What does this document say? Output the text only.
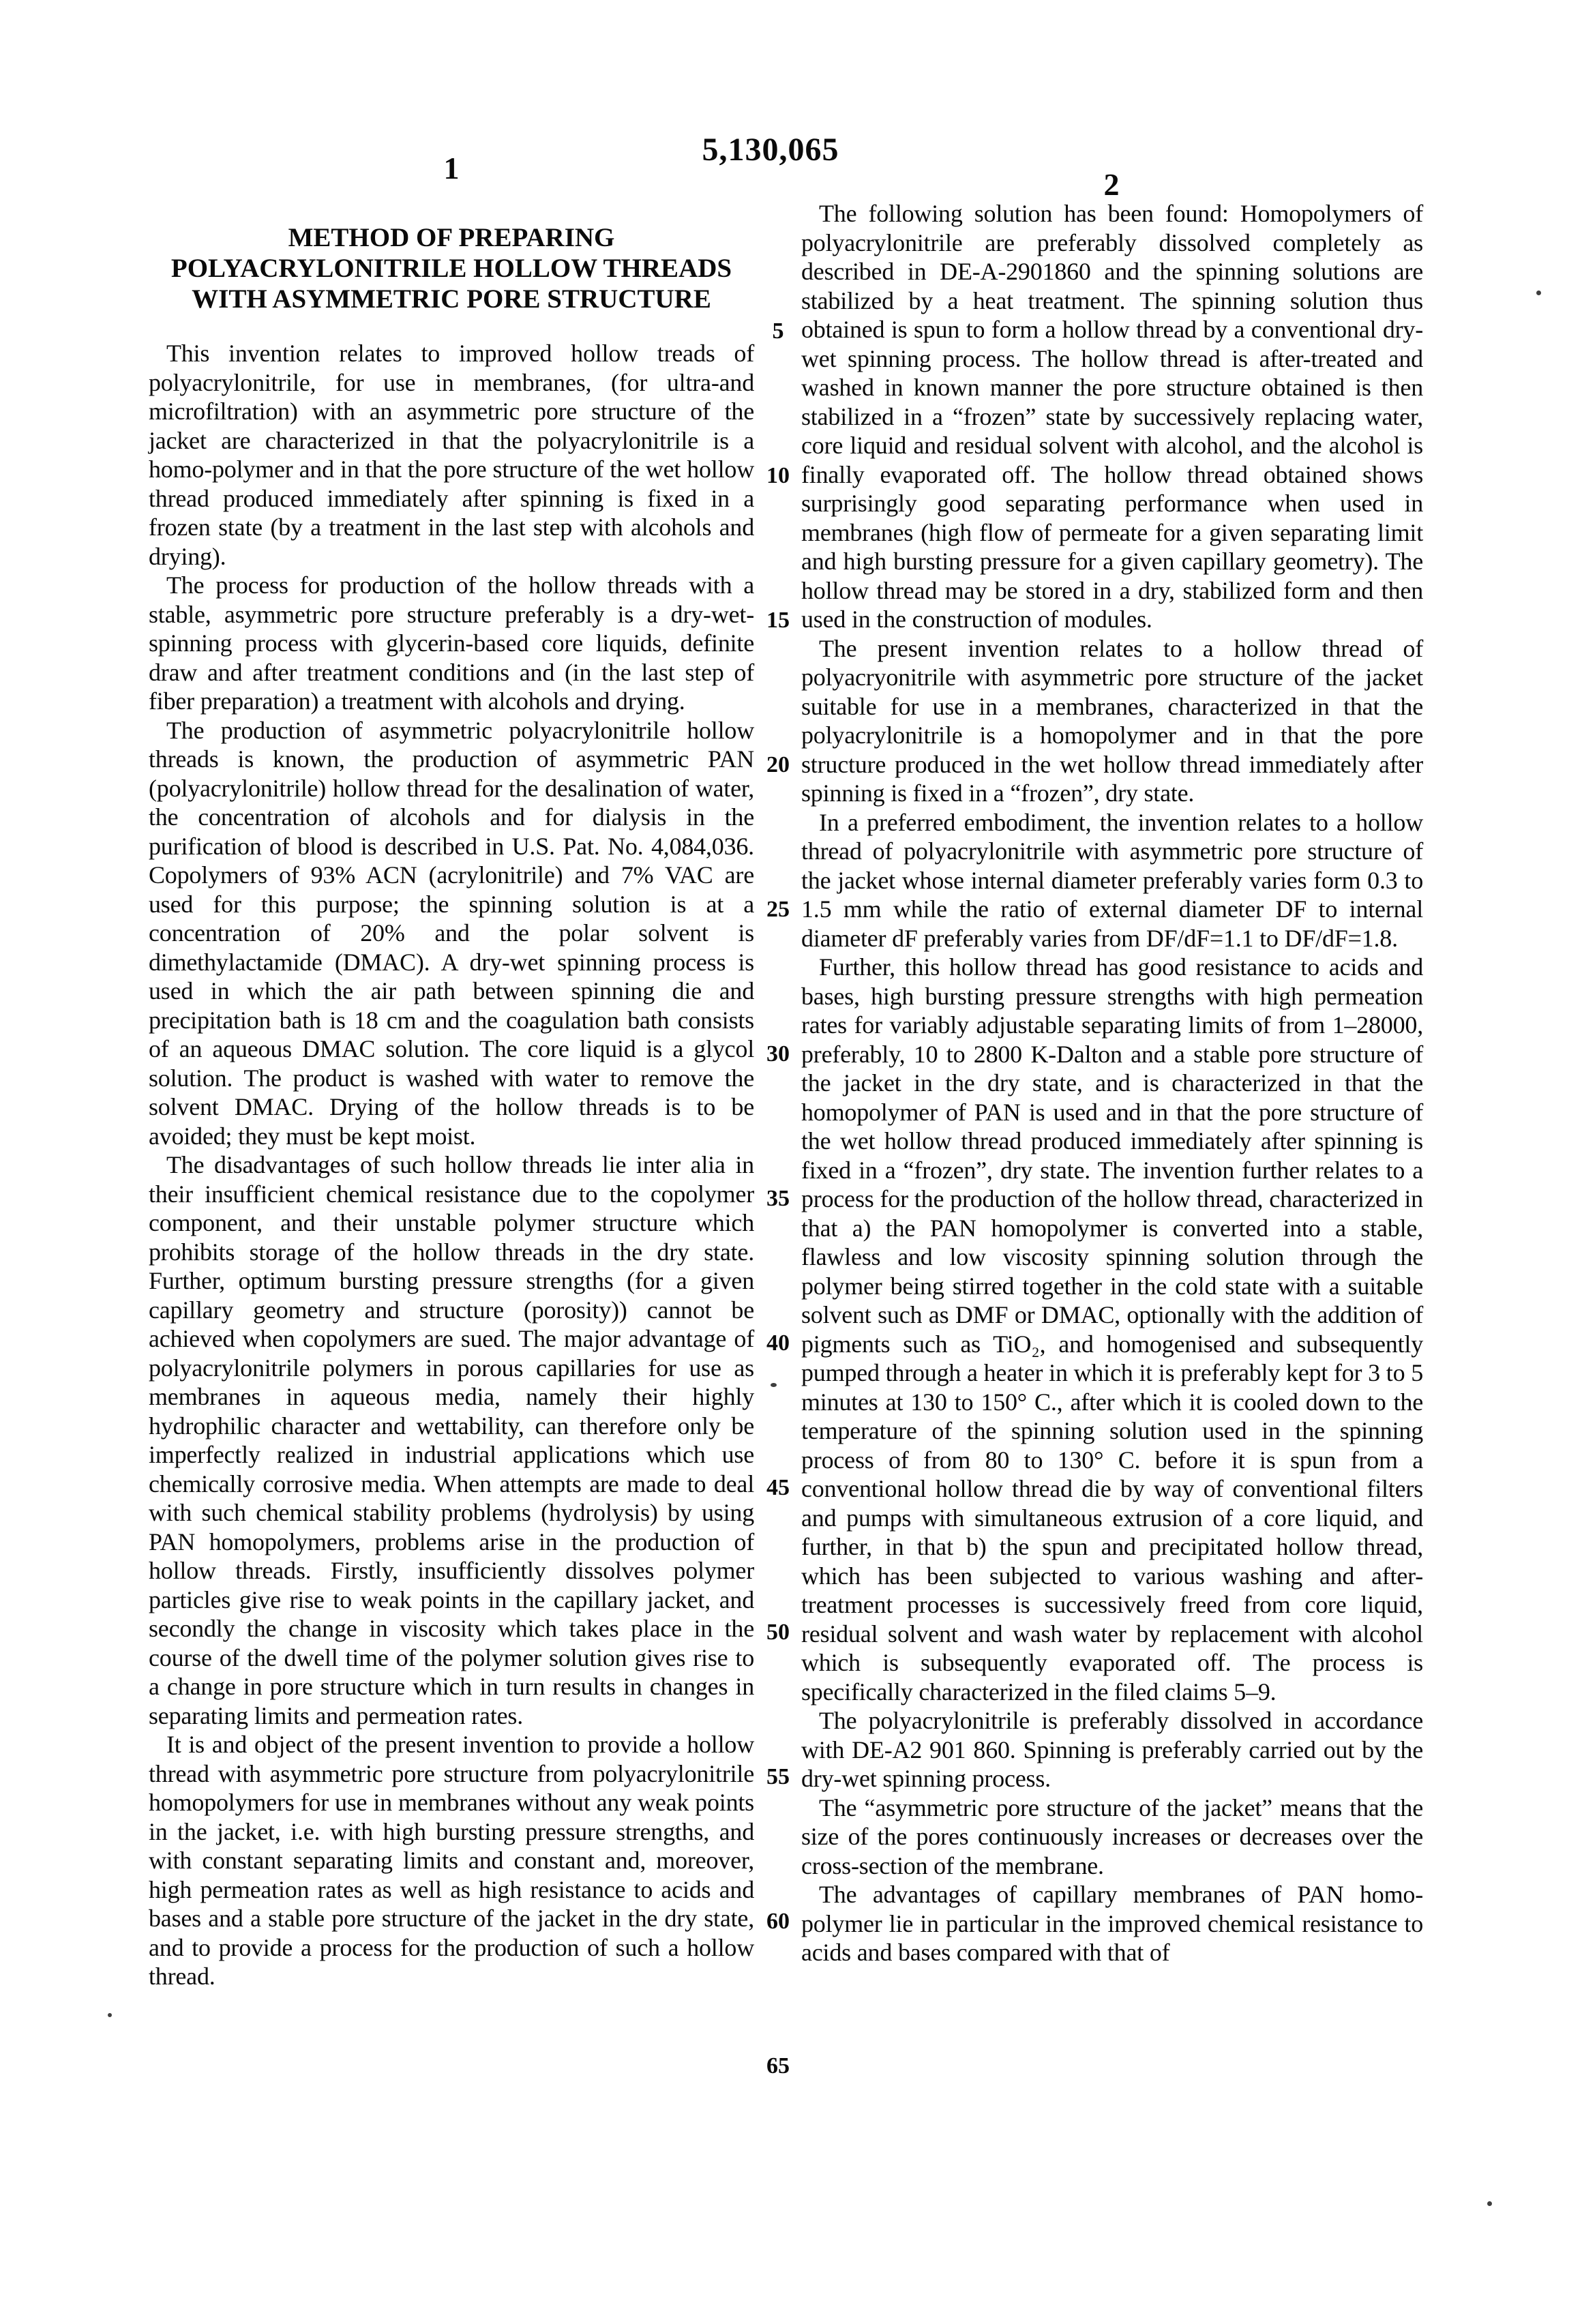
5,130,065
1	2
METHOD OF PREPARING
POLYACRYLONITRILE HOLLOW THREADS
WITH ASYMMETRIC PORE STRUCTURE

This invention relates to improved hollow treads of polyacrylonitrile, for use in membranes, (for ultra-and microfiltration) with an asymmetric pore structure of the jacket are characterized in that the polyacrylonitrile is a homo-polymer and in that the pore structure of the wet hollow thread produced immediately after spinning is fixed in a frozen state (by a treatment in the last step with alcohols and drying).

The process for production of the hollow threads with a stable, asymmetric pore structure preferably is a dry-wet-spinning process with glycerin-based core liquids, definite draw and after treatment conditions and (in the last step of fiber preparation) a treatment with alcohols and drying.

The production of asymmetric polyacrylonitrile hollow threads is known, the production of asymmetric PAN (polyacrylonitrile) hollow thread for the desalination of water, the concentration of alcohols and for dialysis in the purification of blood is described in U.S. Pat. No. 4,084,036. Copolymers of 93% ACN (acrylonitrile) and 7% VAC are used for this purpose; the spinning solution is at a concentration of 20% and the polar solvent is dimethylactamide (DMAC). A dry-wet spinning process is used in which the air path between spinning die and precipitation bath is 18 cm and the coagulation bath consists of an aqueous DMAC solution. The core liquid is a glycol solution. The product is washed with water to remove the solvent DMAC. Drying of the hollow threads is to be avoided; they must be kept moist.

The disadvantages of such hollow threads lie inter alia in their insufficient chemical resistance due to the copolymer component, and their unstable polymer structure which prohibits storage of the hollow threads in the dry state. Further, optimum bursting pressure strengths (for a given capillary geometry and structure (porosity)) cannot be achieved when copolymers are sued. The major advantage of polyacrylonitrile polymers in porous capillaries for use as membranes in aqueous media, namely their highly hydrophilic character and wettability, can therefore only be imperfectly realized in industrial applications which use chemically corrosive media. When attempts are made to deal with such chemical stability problems (hydrolysis) by using PAN homopolymers, problems arise in the production of hollow threads. Firstly, insufficiently dissolves polymer particles give rise to weak points in the capillary jacket, and secondly the change in viscosity which takes place in the course of the dwell time of the polymer solution gives rise to a change in pore structure which in turn results in changes in separating limits and permeation rates.

It is and object of the present invention to provide a hollow thread with asymmetric pore structure from polyacrylonitrile homopolymers for use in membranes without any weak points in the jacket, i.e. with high bursting pressure strengths, and with constant separating limits and constant and, moreover, high permeation rates as well as high resistance to acids and bases and a stable pore structure of the jacket in the dry state, and to provide a process for the production of such a hollow thread.

The following solution has been found: Homopolymers of polyacrylonitrile are preferably dissolved completely as described in DE-A-2901860 and the spinning solutions are stabilized by a heat treatment. The spinning solution thus obtained is spun to form a hollow thread by a conventional dry-wet spinning process. The hollow thread is after-treated and washed in known manner the pore structure obtained is then stabilized in a “frozen” state by successively replacing water, core liquid and residual solvent with alcohol, and the alcohol is finally evaporated off. The hollow thread obtained shows surprisingly good separating performance when used in membranes (high flow of permeate for a given separating limit and high bursting pressure for a given capillary geometry). The hollow thread may be stored in a dry, stabilized form and then used in the construction of modules.

The present invention relates to a hollow thread of polyacryonitrile with asymmetric pore structure of the jacket suitable for use in a membranes, characterized in that the polyacrylonitrile is a homopolymer and in that the pore structure produced in the wet hollow thread immediately after spinning is fixed in a “frozen”, dry state.

In a preferred embodiment, the invention relates to a hollow thread of polyacrylonitrile with asymmetric pore structure of the jacket whose internal diameter preferably varies form 0.3 to 1.5 mm while the ratio of external diameter DF to internal diameter dF preferably varies from DF/dF=1.1 to DF/dF=1.8.

Further, this hollow thread has good resistance to acids and bases, high bursting pressure strengths with high permeation rates for variably adjustable separating limits of from 1–28000, preferably, 10 to 2800 K-Dalton and a stable pore structure of the jacket in the dry state, and is characterized in that the homopolymer of PAN is used and in that the pore structure of the wet hollow thread produced immediately after spinning is fixed in a “frozen”, dry state. The invention further relates to a process for the production of the hollow thread, characterized in that a) the PAN homopolymer is converted into a stable, flawless and low viscosity spinning solution through the polymer being stirred together in the cold state with a suitable solvent such as DMF or DMAC, optionally with the addition of pigments such as TiO₂, and homogenised and subsequently pumped through a heater in which it is preferably kept for 3 to 5 minutes at 130 to 150° C., after which it is cooled down to the temperature of the spinning solution used in the spinning process of from 80 to 130° C. before it is spun from a conventional hollow thread die by way of conventional filters and pumps with simultaneous extrusion of a core liquid, and further, in that b) the spun and precipitated hollow thread, which has been subjected to various washing and after-treatment processes is successively freed from core liquid, residual solvent and wash water by replacement with alcohol which is subsequently evaporated off. The process is specifically characterized in the filed claims 5–9.

The polyacrylonitrile is preferably dissolved in accordance with DE-A2 901 860. Spinning is preferably carried out by the dry-wet spinning process.

The “asymmetric pore structure of the jacket” means that the size of the pores continuously increases or decreases over the cross-section of the membrane.

The advantages of capillary membranes of PAN homo- polymer lie in particular in the improved chemical resistance to acids and bases compared with that of

5
10
15
20
25
30
35
40
45
50
55
60
65
